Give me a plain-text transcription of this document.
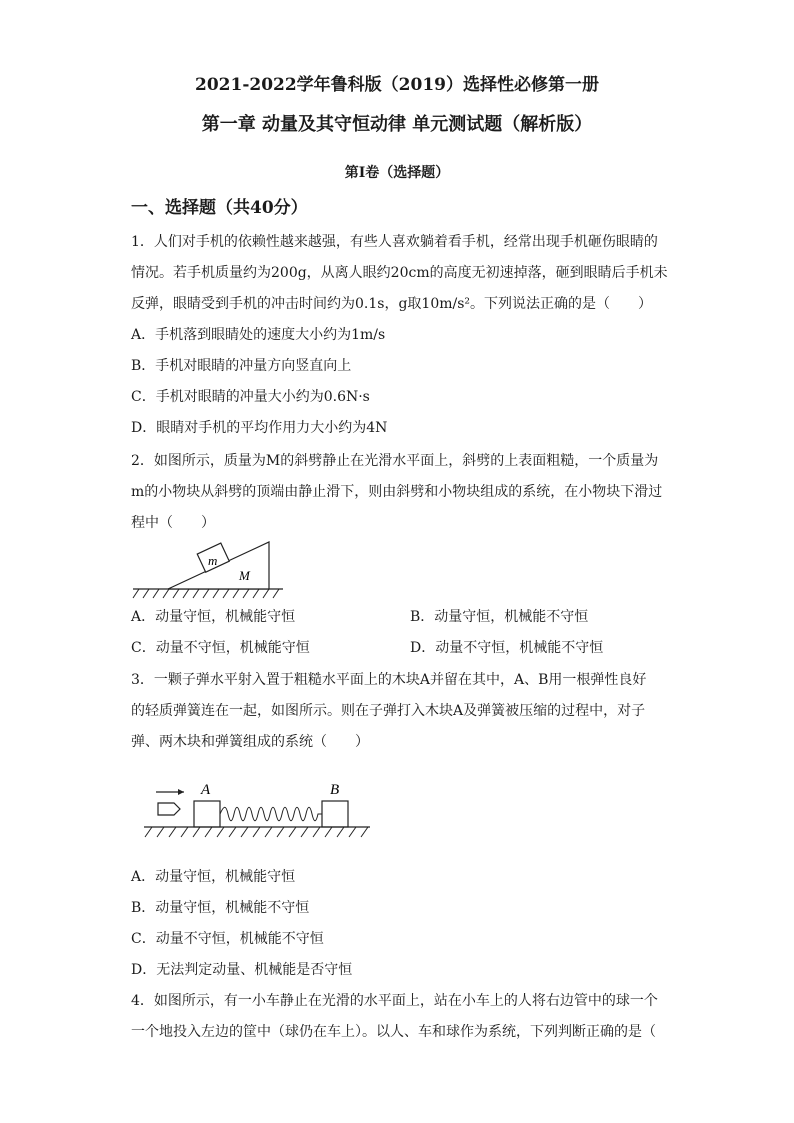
2021-2022学年鲁科版（2019）选择性必修第一册
第一章 动量及其守恒动律 单元测试题（解析版）
第Ⅰ卷（选择题）
一、选择题（共40分）
1．人们对手机的依赖性越来越强，有些人喜欢躺着看手机，经常出现手机砸伤眼睛的
情况。若手机质量约为200g，从离人眼约20cm的高度无初速掉落，砸到眼睛后手机未
反弹，眼睛受到手机的冲击时间约为0.1s，g取10m/s²。下列说法正确的是（　　）
A．手机落到眼睛处的速度大小约为1m/s
B．手机对眼睛的冲量方向竖直向上
C．手机对眼睛的冲量大小约为0.6N·s
D．眼睛对手机的平均作用力大小约为4N
2．如图所示，质量为M的斜劈静止在光滑水平面上，斜劈的上表面粗糙，一个质量为
m的小物块从斜劈的顶端由静止滑下，则由斜劈和小物块组成的系统，在小物块下滑过
程中（　　）
m
M
A．动量守恒，机械能守恒	B．动量守恒，机械能不守恒
C．动量不守恒，机械能守恒	D．动量不守恒，机械能不守恒
3．一颗子弹水平射入置于粗糙水平面上的木块A并留在其中，A、B用一根弹性良好
的轻质弹簧连在一起，如图所示。则在子弹打入木块A及弹簧被压缩的过程中，对子
弹、两木块和弹簧组成的系统（　　）
A	B
A．动量守恒，机械能守恒
B．动量守恒，机械能不守恒
C．动量不守恒，机械能不守恒
D．无法判定动量、机械能是否守恒
4．如图所示，有一小车静止在光滑的水平面上，站在小车上的人将右边管中的球一个
一个地投入左边的筐中（球仍在车上）。以人、车和球作为系统，下列判断正确的是（
